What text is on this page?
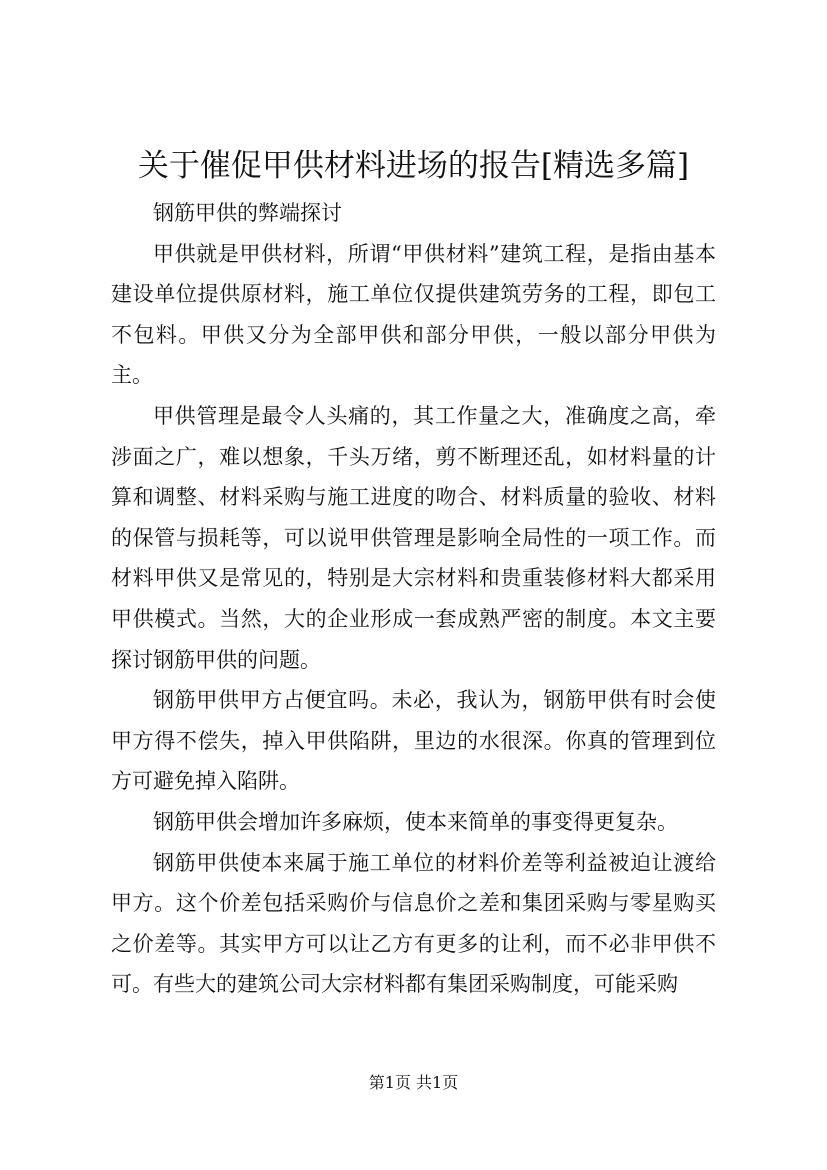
关于催促甲供材料进场的报告[精选多篇]

钢筋甲供的弊端探讨

甲供就是甲供材料，所谓“甲供材料”建筑工程，是指由基本建设单位提供原材料，施工单位仅提供建筑劳务的工程，即包工不包料。甲供又分为全部甲供和部分甲供，一般以部分甲供为主。

甲供管理是最令人头痛的，其工作量之大，准确度之高，牵涉面之广，难以想象，千头万绪，剪不断理还乱，如材料量的计算和调整、材料采购与施工进度的吻合、材料质量的验收、材料的保管与损耗等，可以说甲供管理是影响全局性的一项工作。而材料甲供又是常见的，特别是大宗材料和贵重装修材料大都采用甲供模式。当然，大的企业形成一套成熟严密的制度。本文主要探讨钢筋甲供的问题。

钢筋甲供甲方占便宜吗。未必，我认为，钢筋甲供有时会使甲方得不偿失，掉入甲供陷阱，里边的水很深。你真的管理到位方可避免掉入陷阱。

钢筋甲供会增加许多麻烦，使本来简单的事变得更复杂。

钢筋甲供使本来属于施工单位的材料价差等利益被迫让渡给甲方。这个价差包括采购价与信息价之差和集团采购与零星购买之价差等。其实甲方可以让乙方有更多的让利，而不必非甲供不可。有些大的建筑公司大宗材料都有集团采购制度，可能采购

第1页 共1页
